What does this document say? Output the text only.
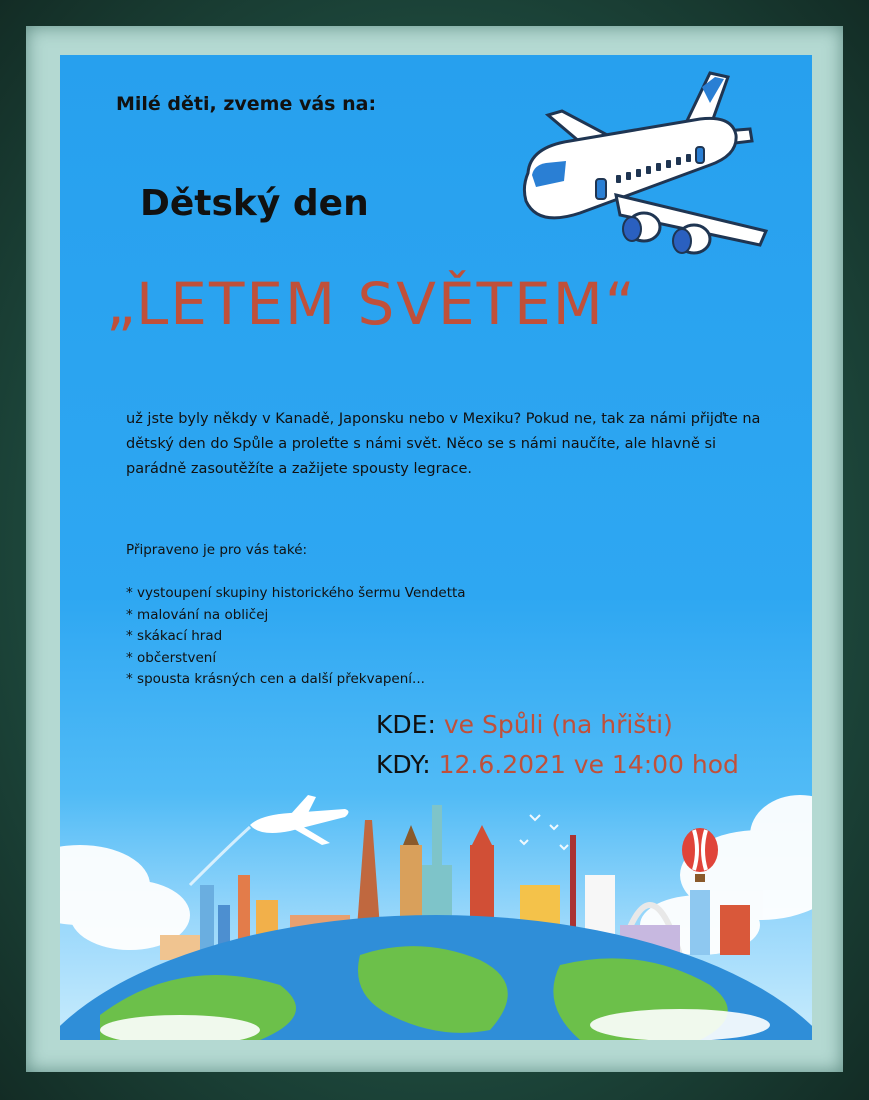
Milé děti, zveme vás na:
Dětský den
„LETEM SVĚTEM“
už jste byly někdy v Kanadě, Japonsku nebo v Mexiku? Pokud ne, tak za námi přijďte na dětský den do Spůle a prolеťte s námi svět. Něco se s námi naučíte, ale hlavně si parádně zasoutěžíte a zažijete spousty legrace.
Připraveno je pro vás také:
* vystoupení skupiny historického šermu Vendetta
* malování na obličej
* skákací hrad
* občerstvení
* spousta krásných cen a další překvapení...
KDE: ve Spůli (na hřišti)
KDY: 12.6.2021 ve 14:00 hod
